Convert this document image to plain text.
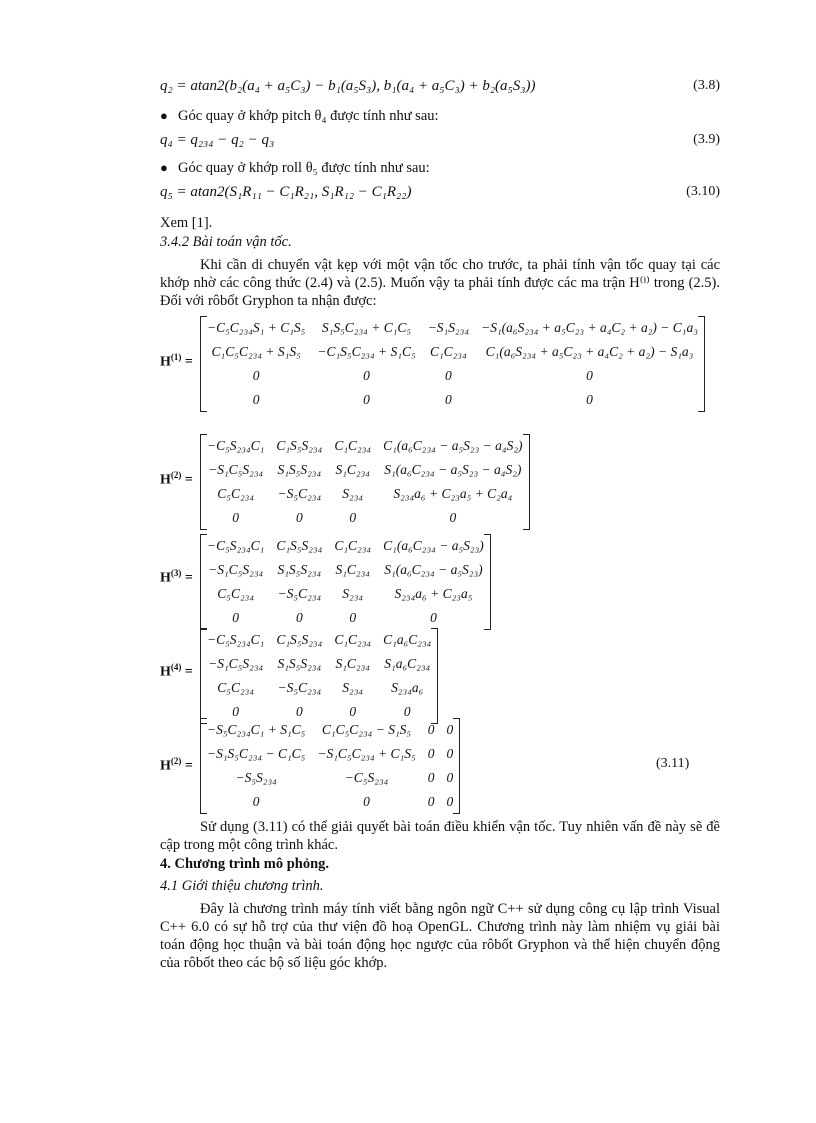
q₂ = atan2(b₂(a₄ + a₅C₃) − b₁(a₅S₃), b₁(a₄ + a₅C₃) + b₂(a₅S₃))	(3.8)
● Góc quay ở khớp pitch θ₄ được tính như sau:
q₄ = q₂₃₄ − q₂ − q₃	(3.9)
● Góc quay ở khớp roll θ₅ được tính như sau:
q₅ = atan2(S₁R₁₁ − C₁R₂₁, S₁R₁₂ − C₁R₂₂)	(3.10)
Xem [1].
3.4.2 Bài toán vận tốc.
Khi cần di chuyển vật kẹp với một vận tốc cho trước, ta phải tính vận tốc quay tại các khớp nhờ các công thức (2.4) và (2.5). Muốn vậy ta phải tính được các ma trận H⁽ⁱ⁾ trong (2.5). Đối với rôbốt Gryphon ta nhận được:
$H^{(1)}$ =
−C₅C₂₃₄S₁ + C₁S₅	S₁S₅C₂₃₄ + C₁C₅	−S₁S₂₃₄	−S₁(a₆S₂₃₄ + a₅C₂₃ + a₄C₂ + a₂) − C₁a₃
C₁C₅C₂₃₄ + S₁S₅	−C₁S₅C₂₃₄ + S₁C₅	C₁C₂₃₄	C₁(a₆S₂₃₄ + a₅C₂₃ + a₄C₂ + a₂) − S₁a₃
0	0	0	0
0	0	0	0
$H^{(2)}$ =
−C₅S₂₃₄C₁	C₁S₅S₂₃₄	C₁C₂₃₄	C₁(a₆C₂₃₄ − a₅S₂₃ − a₄S₂)
−S₁C₅S₂₃₄	S₁S₅S₂₃₄	S₁C₂₃₄	S₁(a₆C₂₃₄ − a₅S₂₃ − a₄S₂)
C₅C₂₃₄	−S₅C₂₃₄	S₂₃₄	S₂₃₄a₆ + C₂₃a₅ + C₂a₄
0	0	0	0
$H^{(3)}$ =
−C₅S₂₃₄C₁	C₁S₅S₂₃₄	C₁C₂₃₄	C₁(a₆C₂₃₄ − a₅S₂₃)
−S₁C₅S₂₃₄	S₁S₅S₂₃₄	S₁C₂₃₄	S₁(a₆C₂₃₄ − a₅S₂₃)
C₅C₂₃₄	−S₅C₂₃₄	S₂₃₄	S₂₃₄a₆ + C₂₃a₅
0	0	0	0
$H^{(4)}$ =
−C₅S₂₃₄C₁	C₁S₅S₂₃₄	C₁C₂₃₄	C₁a₆C₂₃₄
−S₁C₅S₂₃₄	S₁S₅S₂₃₄	S₁C₂₃₄	S₁a₆C₂₃₄
C₅C₂₃₄	−S₅C₂₃₄	S₂₃₄	S₂₃₄a₆
0	0	0	0
$H^{(2)}$ =
−S₅C₂₃₄C₁ + S₁C₅	C₁C₅C₂₃₄ − S₁S₅	0	0
−S₁S₅C₂₃₄ − C₁C₅	−S₁C₅C₂₃₄ + C₁S₅	0	0
−S₅S₂₃₄	−C₅S₂₃₄	0	0
0	0	0	0
(3.11)
Sử dụng (3.11) có thể giải quyết bài toán điều khiển vận tốc. Tuy nhiên vấn đề này sẽ đề cập trong một công trình khác.
4. Chương trình mô phỏng.
4.1 Giới thiệu chương trình.
Đây là chương trình máy tính viết bằng ngôn ngữ C++ sử dụng công cụ lập trình Visual C++ 6.0 có sự hỗ trợ của thư viện đồ hoạ OpenGL. Chương trình này làm nhiệm vụ giải bài toán động học thuận và bài toán động học ngược của rôbốt Gryphon và thể hiện chuyển động của rôbốt theo các bộ số liệu góc khớp.
